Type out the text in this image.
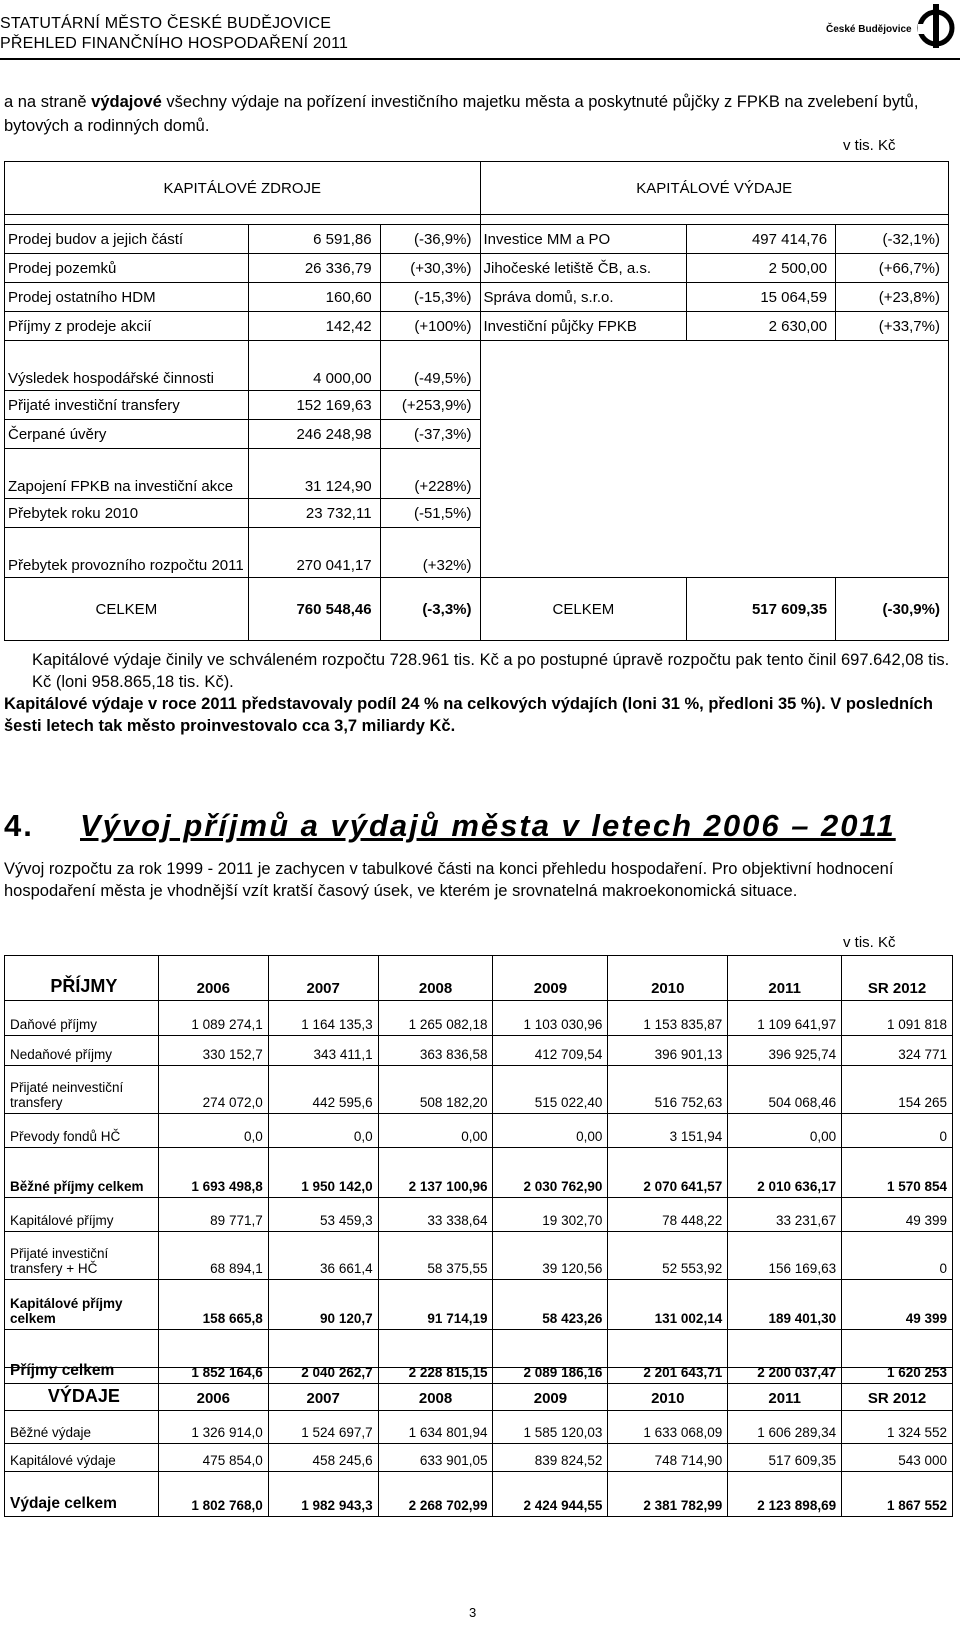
STATUTÁRNÍ MĚSTO ČESKÉ BUDĚJOVICE
PŘEHLED FINANČNÍHO HOSPODAŘENÍ 2011
České Budějovice

a na straně výdajové všechny výdaje na pořízení investičního majetku města a poskytnuté půjčky z FPKB na zvelebení bytů, bytových a rodinných domů.

v tis. Kč
KAPITÁLOVÉ ZDROJE			KAPITÁLOVÉ VÝDAJE		

Prodej budov a jejich částí	6 591,86	(-36,9%)	Investice MM a PO	497 414,76	(-32,1%)
Prodej pozemků	26 336,79	(+30,3%)	Jihočeské letiště ČB, a.s.	2 500,00	(+66,7%)
Prodej ostatního HDM	160,60	(-15,3%)	Správa domů, s.r.o.	15 064,59	(+23,8%)
Příjmy z prodeje akcií	142,42	(+100%)	Investiční půjčky FPKB	2 630,00	(+33,7%)
Výsledek hospodářské činnosti	4 000,00	(-49,5%)			
Přijaté investiční transfery	152 169,63	(+253,9%)			
Čerpané úvěry	246 248,98	(-37,3%)			
Zapojení FPKB na investiční akce	31 124,90	(+228%)			
Přebytek roku 2010	23 732,11	(-51,5%)			
Přebytek provozního rozpočtu 2011	270 041,17	(+32%)			
CELKEM	760 548,46	(-3,3%)	CELKEM	517 609,35	(-30,9%)

Kapitálové výdaje činily ve schváleném rozpočtu 728.961 tis. Kč a po postupné úpravě rozpočtu pak tento činil 697.642,08 tis. Kč (loni 958.865,18 tis. Kč).

Kapitálové výdaje v roce 2011 představovaly podíl 24 % na celkových výdajích (loni 31 %, předloni 35 %). V posledních šesti letech tak město proinvestovalo cca 3,7 miliardy Kč.

4. Vývoj příjmů a výdajů města v letech 2006 – 2011

Vývoj rozpočtu za rok 1999 - 2011 je zachycen v tabulkové části na konci přehledu hospodaření. Pro objektivní hodnocení hospodaření města je vhodnější vzít kratší časový úsek, ve kterém je srovnatelná makroekonomická situace.

v tis. Kč
PŘÍJMY	2006	2007	2008	2009	2010	2011	SR 2012
Daňové příjmy	1 089 274,1	1 164 135,3	1 265 082,18	1 103 030,96	1 153 835,87	1 109 641,97	1 091 818
Nedaňové příjmy	330 152,7	343 411,1	363 836,58	412 709,54	396 901,13	396 925,74	324 771
Přijaté neinvestiční transfery	274 072,0	442 595,6	508 182,20	515 022,40	516 752,63	504 068,46	154 265
Převody fondů HČ	0,0	0,0	0,00	0,00	3 151,94	0,00	0
Běžné příjmy celkem	1 693 498,8	1 950 142,0	2 137 100,96	2 030 762,90	2 070 641,57	2 010 636,17	1 570 854
Kapitálové příjmy	89 771,7	53 459,3	33 338,64	19 302,70	78 448,22	33 231,67	49 399
Přijaté investiční transfery + HČ	68 894,1	36 661,4	58 375,55	39 120,56	52 553,92	156 169,63	0
Kapitálové příjmy celkem	158 665,8	90 120,7	91 714,19	58 423,26	131 002,14	189 401,30	49 399
Příjmy celkem	1 852 164,6	2 040 262,7	2 228 815,15	2 089 186,16	2 201 643,71	2 200 037,47	1 620 253
VÝDAJE	2006	2007	2008	2009	2010	2011	SR 2012
Běžné výdaje	1 326 914,0	1 524 697,7	1 634 801,94	1 585 120,03	1 633 068,09	1 606 289,34	1 324 552
Kapitálové výdaje	475 854,0	458 245,6	633 901,05	839 824,52	748 714,90	517 609,35	543 000
Výdaje celkem	1 802 768,0	1 982 943,3	2 268 702,99	2 424 944,55	2 381 782,99	2 123 898,69	1 867 552
3
